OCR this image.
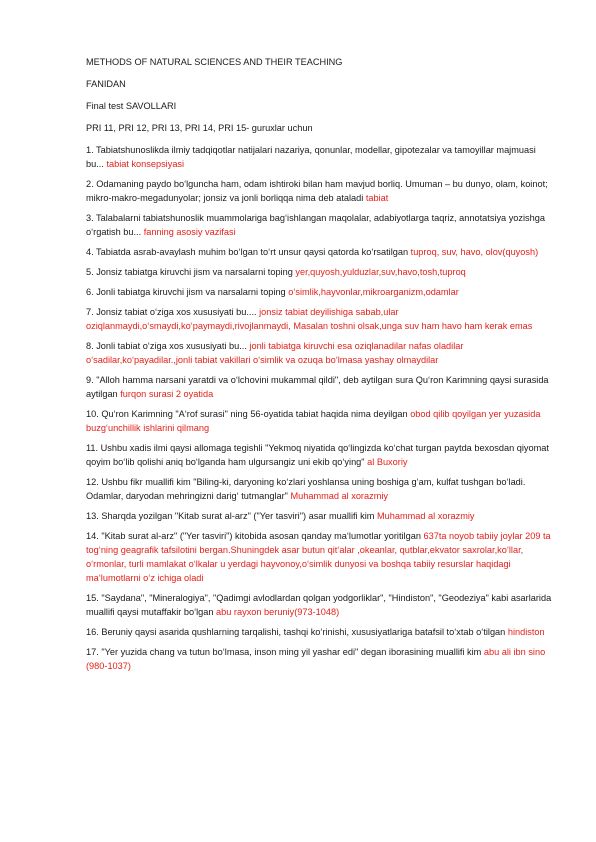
METHODS OF NATURAL SCIENCES AND THEIR TEACHING

FANIDAN

Final test SAVOLLARI

PRI 11, PRI 12, PRI 13, PRI 14, PRI 15- guruxlar uchun

1. Tabiatshunoslikda ilmiy tadqiqotlar natijalari nazariya, qonunlar, modellar, gipotezalar va tamoyillar majmuasi bu... tabiat konsepsiyasi

2. Odamaning paydo bo‘lguncha ham, odam ishtiroki bilan ham mavjud borliq. Umuman – bu dunyo, olam, koinot; mikro-makro-megadunyolar; jonsiz va jonli borliqqa nima deb ataladi tabiat

3. Talabalarni tabiatshunoslik muammolariga bag‘ishlangan maqolalar, adabiyotlarga taqriz, annotatsiya yozishga o‘rgatish bu... fanning asosiy vazifasi

4. Tabiatda asrab-avaylash muhim bo‘lgan to‘rt unsur qaysi qatorda ko‘rsatilgan tuproq, suv, havo, olov(quyosh)

5. Jonsiz tabiatga kiruvchi jism va narsalarni toping yer,quyosh,yulduzlar,suv,havo,tosh,tuproq

6. Jonli tabiatga kiruvchi jism va narsalarni toping o‘simlik,hayvonlar,mikroarganizm,odamlar

7. Jonsiz tabiat o‘ziga xos xususiyati bu.... jonsiz tabiat deyilishiga sabab,ular oziqlanmaydi,o‘smaydi,ko‘paymaydi,rivojlanmaydi, Masalan toshni olsak,unga suv ham havo ham kerak emas

8. Jonli tabiat o‘ziga xos xususiyati bu... jonli tabiatga kiruvchi esa oziqlanadilar nafas oladilar o‘sadilar,ko‘payadilar.,jonli tabiat vakillari o‘simlik va ozuqa bo‘lmasa yashay olmaydilar

9. "Alloh hamma narsani yaratdi va o‘lchovini mukammal qildi", deb aytilgan sura Qu‘ron Karimning qaysi surasida aytilgan furqon surasi 2 oyatida

10. Qu‘ron Karimning "A‘rof surasi" ning 56-oyatida tabiat haqida nima deyilgan obod qilib qoyilgan yer yuzasida buzg‘unchillik ishlarini qilmang

11. Ushbu xadis ilmi qaysi allomaga tegishli "Yekmoq niyatida qo‘lingizda ko‘chat turgan paytda bexosdan qiyomat qoyim bo‘lib qolishi aniq bo‘lganda ham ulgursangiz uni ekib qo‘ying" al Buxoriy

12. Ushbu fikr muallifi kim "Biling-ki, daryoning ko‘zlari yoshlansa uning boshiga g‘am, kulfat tushgan bo‘ladi. Odamlar, daryodan mehringizni darig‘ tutmanglar" Muhammad al xorazmiy

13. Sharqda yozilgan "Kitab surat al-arz" ("Yer tasviri") asar muallifi kim Muhammad al xorazmiy

14. "Kitab surat al-arz" ("Yer tasviri") kitobida asosan qanday ma‘lumotlar yoritilgan 637ta noyob tabiiy joylar 209 ta tog‘ning geagrafik tafsilotini bergan.Shuningdek asar butun qit‘alar ,okeanlar, qutblar,ekvator saxrolar,ko‘llar, o‘rmonlar, turli mamlakat o‘lkalar u yerdagi hayvonoy,o‘simlik dunyosi va boshqa tabiiy resurslar haqidagi ma‘lumotlarni o‘z ichiga oladi

15. "Saydana", "Mineralogiya", "Qadimgi avlodlardan qolgan yodgorliklar", "Hindiston", "Geodeziya" kabi asarlarida muallifi qaysi mutaffakir bo‘lgan abu rayxon beruniy(973-1048)

16. Beruniy qaysi asarida qushlarning tarqalishi, tashqi ko‘rinishi, xususiyatlariga batafsil to‘xtab o‘tilgan hindiston

17. "Yer yuzida chang va tutun bo‘lmasa, inson ming yil yashar edi" degan iborasining muallifi kim abu ali ibn sino (980-1037)
